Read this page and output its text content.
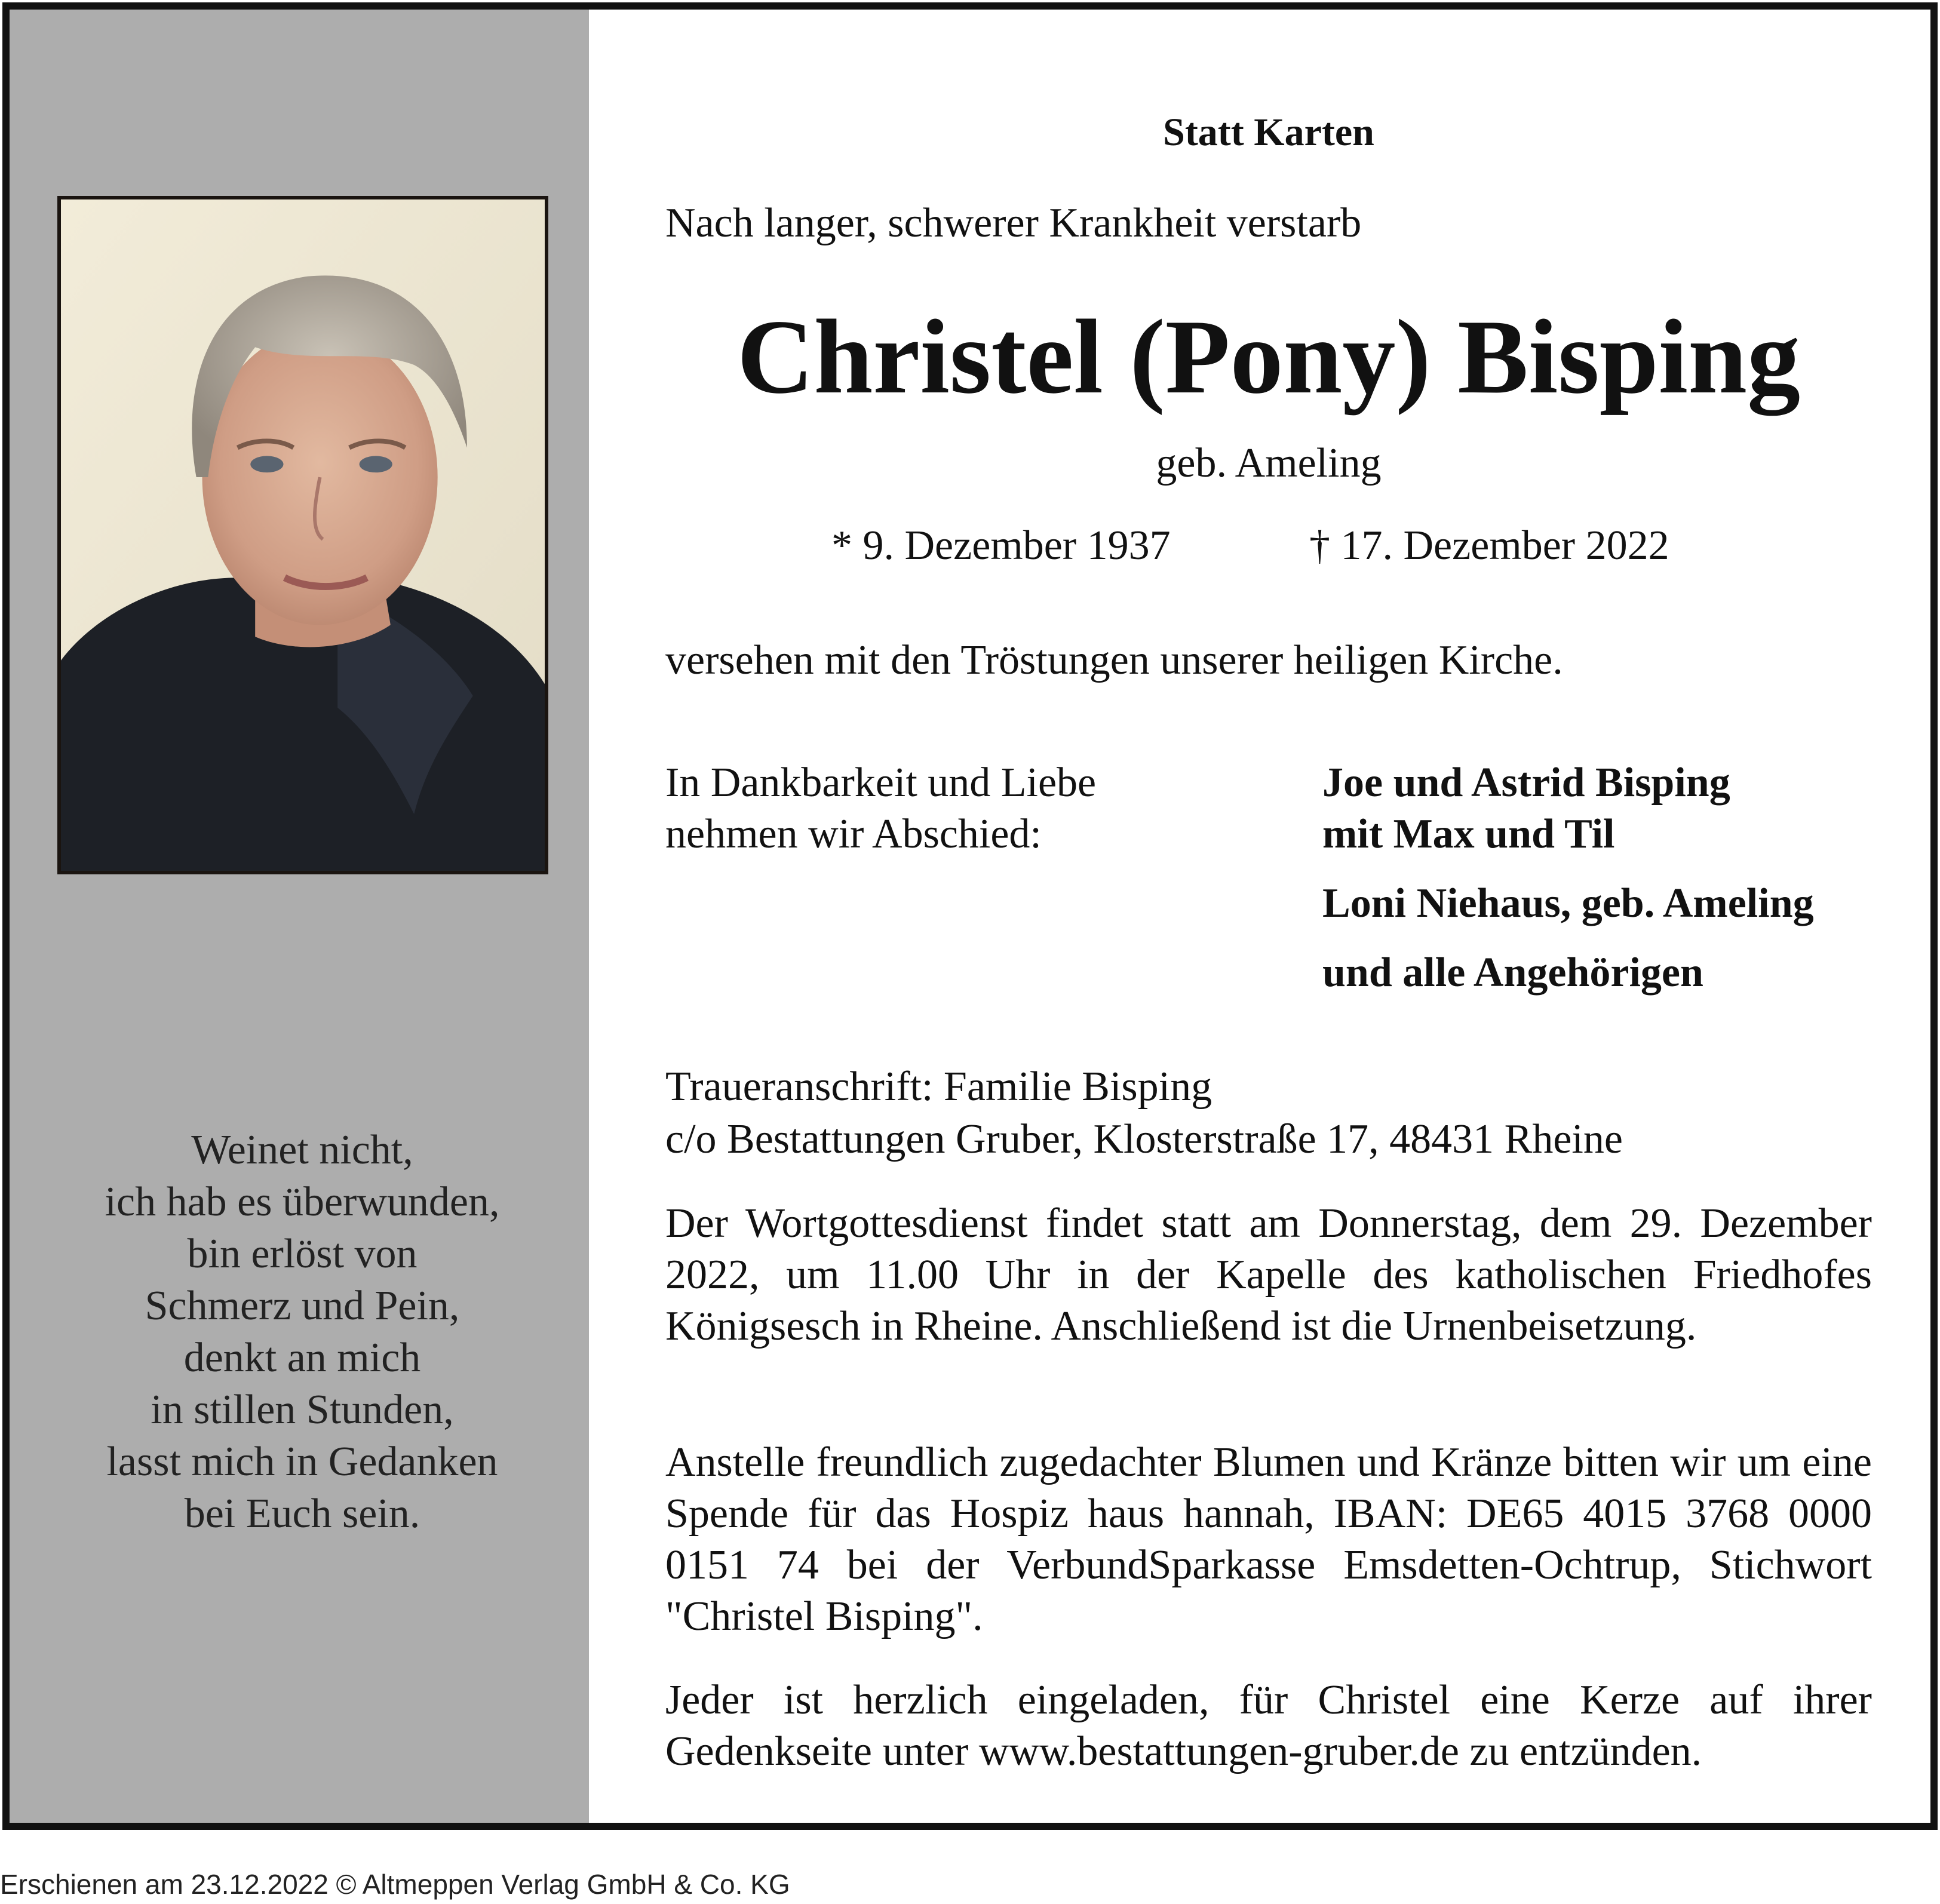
Weinet nicht,
ich hab es überwunden,
bin erlöst von
Schmerz und Pein,
denkt an mich
in stillen Stunden,
lasst mich in Gedanken
bei Euch sein.
Statt Karten
Nach langer, schwerer Krankheit verstarb
Christel (Pony) Bisping
geb. Ameling
* 9. Dezember 1937	† 17. Dezember 2022
versehen mit den Tröstungen unserer heiligen Kirche.
In Dankbarkeit und Liebe
nehmen wir Abschied:
Joe und Astrid Bisping
mit Max und Til
Loni Niehaus, geb. Ameling
und alle Angehörigen
Traueranschrift: Familie Bisping
c/o Bestattungen Gruber, Klosterstraße 17, 48431 Rheine
Der Wortgottesdienst findet statt am Donnerstag, dem 29. Dezember 2022, um 11.00 Uhr in der Kapelle des katholischen Friedhofes Königsesch in Rheine. Anschließend ist die Urnenbeisetzung.
Anstelle freundlich zugedachter Blumen und Kränze bitten wir um eine Spende für das Hospiz haus hannah, IBAN: DE65 4015 3768 0000 0151 74 bei der VerbundSparkasse Emsdetten-Ochtrup, Stichwort "Christel Bisping".
Jeder ist herzlich eingeladen, für Christel eine Kerze auf ihrer Gedenkseite unter www.bestattungen-gruber.de zu entzünden.
Erschienen am 23.12.2022 © Altmeppen Verlag GmbH & Co. KG
